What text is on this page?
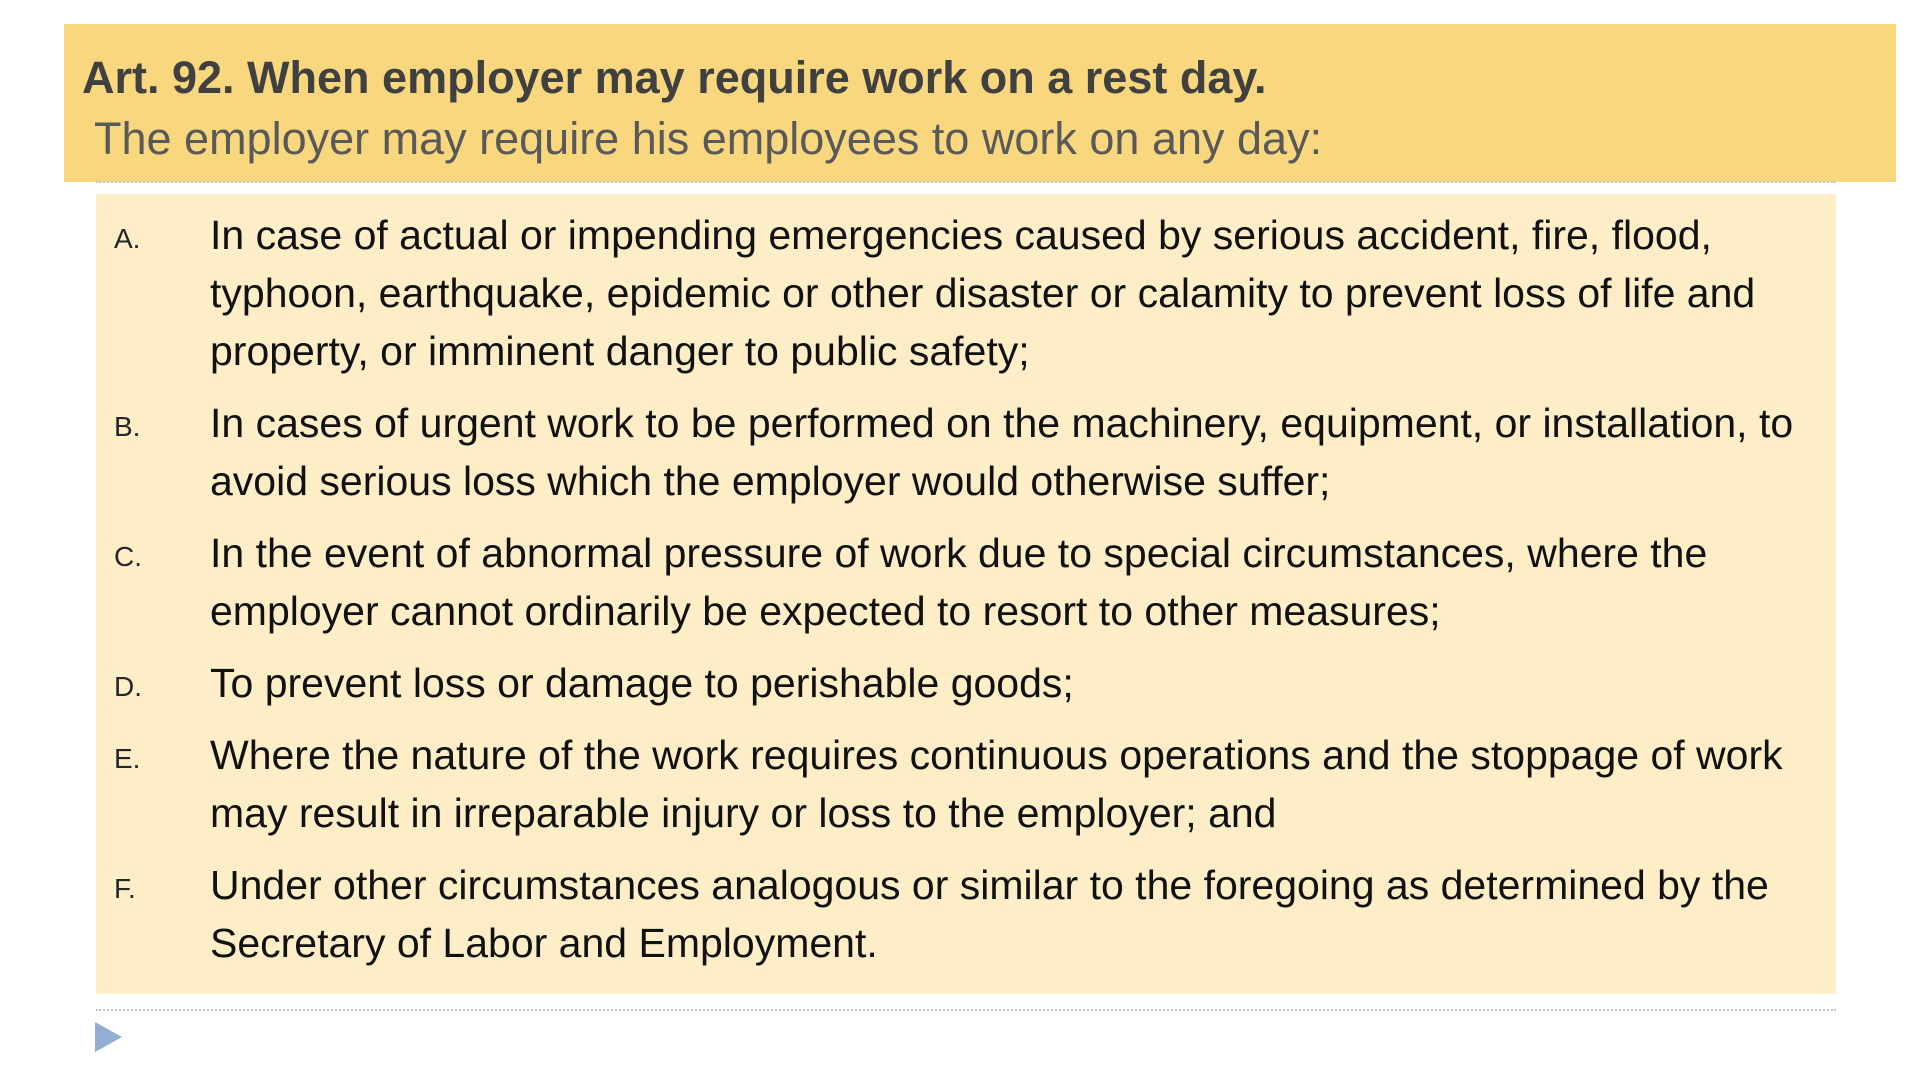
Art. 92. When employer may require work on a rest day.
The employer may require his employees to work on any day:
A.	In case of actual or impending emergencies caused by serious accident, fire, flood, typhoon, earthquake, epidemic or other disaster or calamity to prevent loss of life and property, or imminent danger to public safety;
B.	In cases of urgent work to be performed on the machinery, equipment, or installation, to avoid serious loss which the employer would otherwise suffer;
C.	In the event of abnormal pressure of work due to special circumstances, where the employer cannot ordinarily be expected to resort to other measures;
D.	To prevent loss or damage to perishable goods;
E.	Where the nature of the work requires continuous operations and the stoppage of work may result in irreparable injury or loss to the employer; and
F.	Under other circumstances analogous or similar to the foregoing as determined by the Secretary of Labor and Employment.
